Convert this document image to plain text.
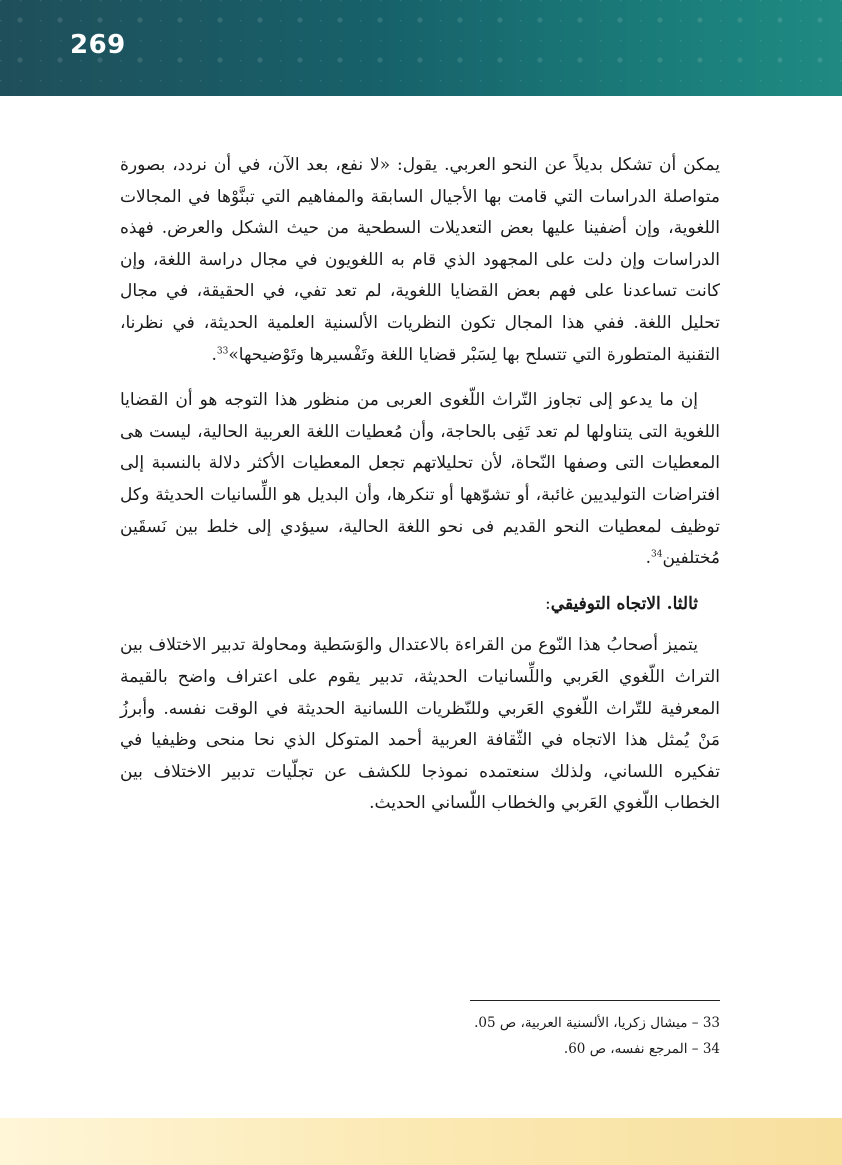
269

يمكن أن تشكل بديلاً عن النحو العربي. يقول: «لا نفع، بعد الآن، في أن نردد، بصورة متواصلة الدراسات التي قامت بها الأجيال السابقة والمفاهيم التي تبنَّوْها في المجالات اللغوية، وإن أضفينا عليها بعض التعديلات السطحية من حيث الشكل والعرض. فهذه الدراسات وإن دلت على المجهود الذي قام به اللغويون في مجال دراسة اللغة، وإن كانت تساعدنا على فهم بعض القضايا اللغوية، لم تعد تفي، في الحقيقة، في مجال تحليل اللغة. ففي هذا المجال تكون النظريات الألسنية العلمية الحديثة، في نظرنا، التقنية المتطورة التي تتسلح بها لِسَبْر قضايا اللغة وتَفْسيرها وتَوْضيحها»$^{33}$.

إن ما يدعو إلى تجاوز التّراث اللّغوى العربى من منظور هذا التوجه هو أن القضايا اللغوية التى يتناولها لم تعد تَفِى بالحاجة، وأن مُعطيات اللغة العربية الحالية، ليست هى المعطيات التى وصفها النّحاة، لأن تحليلاتهم تجعل المعطيات الأكثر دلالة بالنسبة إلى افتراضات التوليديين غائبة، أو تشوّهها أو تنكرها، وأن البديل هو اللِّسانيات الحديثة وكل توظيف لمعطيات النحو القديم فى نحو اللغة الحالية، سيؤدي إلى خلط بين نَسقَين مُختلفين$^{34}$.

ثالثا. الاتجاه التوفيقي:

يتميز أصحابُ هذا النّوع من القراءة بالاعتدال والوَسَطية ومحاولة تدبير الاختلاف بين التراث اللّغوي العَربي واللِّسانيات الحديثة، تدبير يقوم على اعتراف واضح بالقيمة المعرفية للتّراث اللّغوي العَربي وللنّظريات اللسانية الحديثة في الوقت نفسه. وأبرزُ مَنْ يُمثل هذا الاتجاه في الثّقافة العربية أحمد المتوكل الذي نحا منحى وظيفيا في تفكيره اللساني، ولذلك سنعتمده نموذجا للكشف عن تجلّيات تدبير الاختلاف بين الخطاب اللّغوي العَربي والخطاب اللّساني الحديث.

33 – ميشال زكريا، الألسنية العربية، ص 05.
34 – المرجع نفسه، ص 60.
